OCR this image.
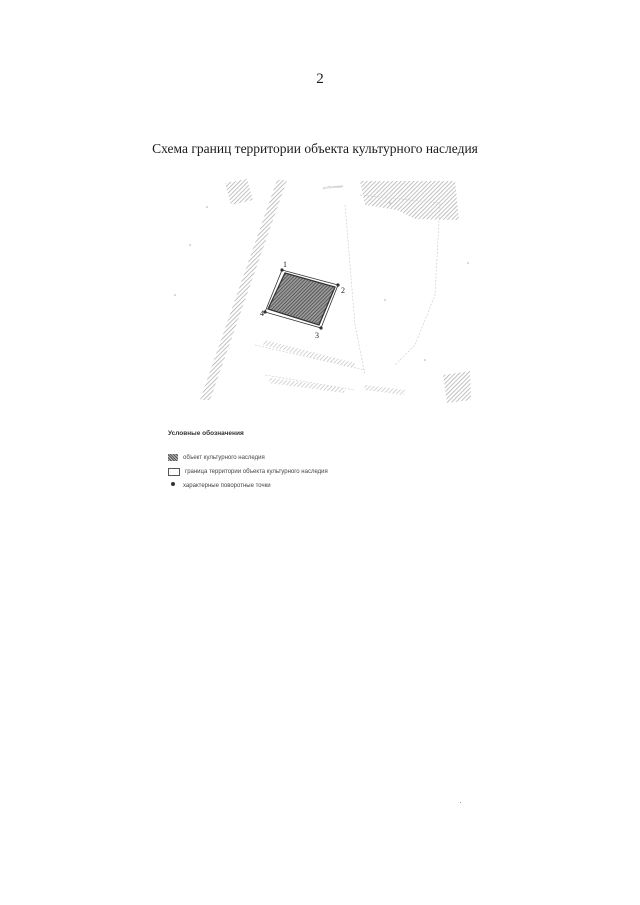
2
Схема границ территории объекта культурного наследия
1
2
3
4
ул.Почтовая
Условные обозначения
объект культурного наследия
граница территории объекта культурного наследия
характерные поворотные точки
